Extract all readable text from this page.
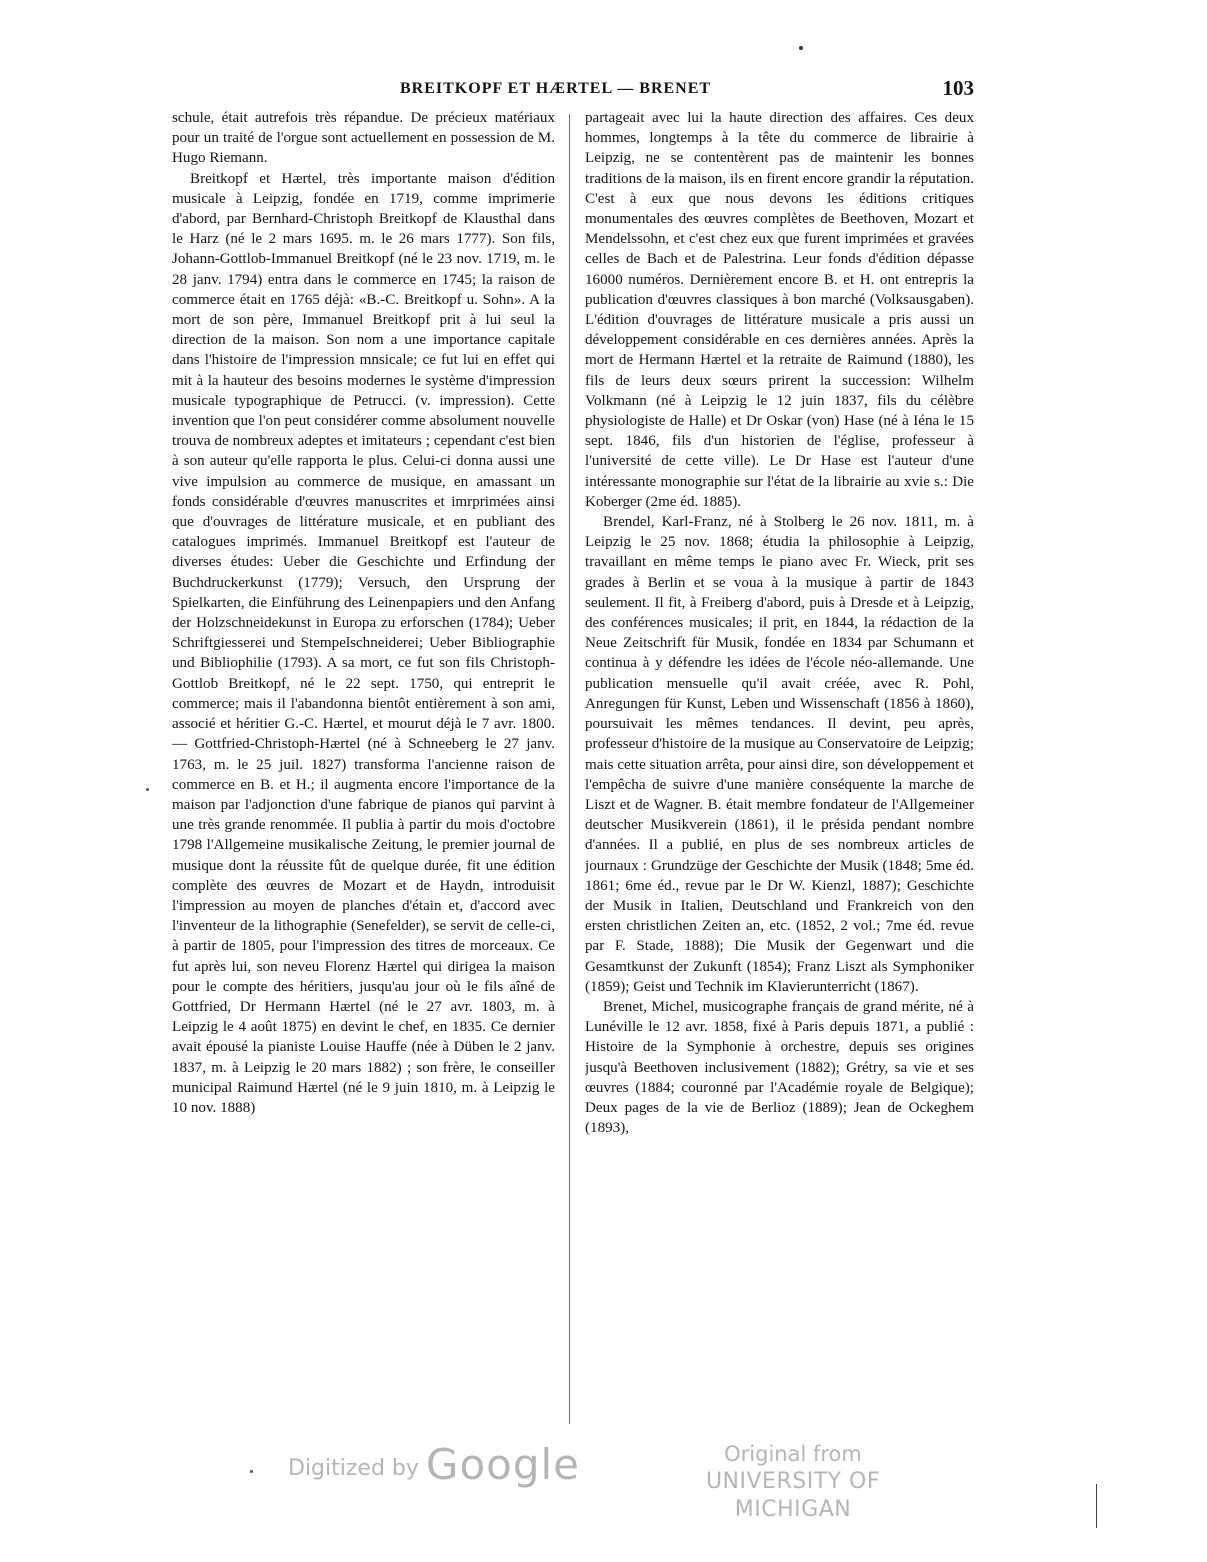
BREITKOPF ET HÆRTEL — BRENET	103

schule, était autrefois très répandue. De précieux matériaux pour un traité de l'orgue sont actuellement en possession de M. Hugo Riemann.

Breitkopf et Hærtel, très importante maison d'édition musicale à Leipzig, fondée en 1719, comme imprimerie d'abord, par Bernhard-Christoph Breitkopf de Klausthal dans le Harz (né le 2 mars 1695. m. le 26 mars 1777). Son fils, Johann-Gottlob-Immanuel Breitkopf (né le 23 nov. 1719, m. le 28 janv. 1794) entra dans le commerce en 1745; la raison de commerce était en 1765 déjà: «B.-C. Breitkopf u. Sohn». A la mort de son père, Immanuel Breitkopf prit à lui seul la direction de la maison. Son nom a une importance capitale dans l'histoire de l'impression mnsicale; ce fut lui en effet qui mit à la hauteur des besoins modernes le système d'impression musicale typographique de Petrucci. (v. impression). Cette invention que l'on peut considérer comme absolument nouvelle trouva de nombreux adeptes et imitateurs ; cependant c'est bien à son auteur qu'elle rapporta le plus. Celui-ci donna aussi une vive impulsion au commerce de musique, en amassant un fonds considérable d'œuvres manuscrites et imrprimées ainsi que d'ouvrages de littérature musicale, et en publiant des catalogues imprimés. Immanuel Breitkopf est l'auteur de diverses études: Ueber die Geschichte und Erfindung der Buchdruckerkunst (1779); Versuch, den Ursprung der Spielkarten, die Einführung des Leinenpapiers und den Anfang der Holzschneidekunst in Europa zu erforschen (1784); Ueber Schriftgiesserei und Stempelschneiderei; Ueber Bibliographie und Bibliophilie (1793). A sa mort, ce fut son fils Christoph-Gottlob Breitkopf, né le 22 sept. 1750, qui entreprit le commerce; mais il l'abandonna bientôt entièrement à son ami, associé et héritier G.-C. Hærtel, et mourut déjà le 7 avr. 1800. — Gottfried-Christoph-Hærtel (né à Schneeberg le 27 janv. 1763, m. le 25 juil. 1827) transforma l'ancienne raison de commerce en B. et H.; il augmenta encore l'importance de la maison par l'adjonction d'une fabrique de pianos qui parvint à une très grande renommée. Il publia à partir du mois d'octobre 1798 l'Allgemeine musikalische Zeitung, le premier journal de musique dont la réussite fût de quelque durée, fit une édition complète des œuvres de Mozart et de Haydn, introduisit l'impression au moyen de planches d'étain et, d'accord avec l'inventeur de la lithographie (Senefelder), se servit de celle-ci, à partir de 1805, pour l'impression des titres de morceaux. Ce fut après lui, son neveu Florenz Hærtel qui dirigea la maison pour le compte des héritiers, jusqu'au jour où le fils aîné de Gottfried, Dr Hermann Hærtel (né le 27 avr. 1803, m. à Leipzig le 4 août 1875) en devint le chef, en 1835. Ce dernier avait épousé la pianiste Louise Hauffe (née à Düben le 2 janv. 1837, m. à Leipzig le 20 mars 1882) ; son frère, le conseiller municipal Raimund Hærtel (né le 9 juin 1810, m. à Leipzig le 10 nov. 1888)

partageait avec lui la haute direction des affaires. Ces deux hommes, longtemps à la tête du commerce de librairie à Leipzig, ne se contentèrent pas de maintenir les bonnes traditions de la maison, ils en firent encore grandir la réputation. C'est à eux que nous devons les éditions critiques monumentales des œuvres complètes de Beethoven, Mozart et Mendelssohn, et c'est chez eux que furent imprimées et gravées celles de Bach et de Palestrina. Leur fonds d'édition dépasse 16000 numéros. Dernièrement encore B. et H. ont entrepris la publication d'œuvres classiques à bon marché (Volksausgaben). L'édition d'ouvrages de littérature musicale a pris aussi un développement considérable en ces dernières années. Après la mort de Hermann Hærtel et la retraite de Raimund (1880), les fils de leurs deux sœurs prirent la succession: Wilhelm Volkmann (né à Leipzig le 12 juin 1837, fils du célèbre physiologiste de Halle) et Dr Oskar (von) Hase (né à Iéna le 15 sept. 1846, fils d'un historien de l'église, professeur à l'université de cette ville). Le Dr Hase est l'auteur d'une intéressante monographie sur l'état de la librairie au xvie s.: Die Koberger (2me éd. 1885).

Brendel, Karl-Franz, né à Stolberg le 26 nov. 1811, m. à Leipzig le 25 nov. 1868; étudia la philosophie à Leipzig, travaillant en même temps le piano avec Fr. Wieck, prit ses grades à Berlin et se voua à la musique à partir de 1843 seulement. Il fit, à Freiberg d'abord, puis à Dresde et à Leipzig, des conférences musicales; il prit, en 1844, la rédaction de la Neue Zeitschrift für Musik, fondée en 1834 par Schumann et continua à y défendre les idées de l'école néo-allemande. Une publication mensuelle qu'il avait créée, avec R. Pohl, Anregungen für Kunst, Leben und Wissenschaft (1856 à 1860), poursuivait les mêmes tendances. Il devint, peu après, professeur d'histoire de la musique au Conservatoire de Leipzig; mais cette situation arrêta, pour ainsi dire, son développement et l'empêcha de suivre d'une manière conséquente la marche de Liszt et de Wagner. B. était membre fondateur de l'Allgemeiner deutscher Musikverein (1861), il le présida pendant nombre d'années. Il a publié, en plus de ses nombreux articles de journaux : Grundzüge der Geschichte der Musik (1848; 5me éd. 1861; 6me éd., revue par le Dr W. Kienzl, 1887); Geschichte der Musik in Italien, Deutschland und Frankreich von den ersten christlichen Zeiten an, etc. (1852, 2 vol.; 7me éd. revue par F. Stade, 1888); Die Musik der Gegenwart und die Gesamtkunst der Zukunft (1854); Franz Liszt als Symphoniker (1859); Geist und Technik im Klavierunterricht (1867).

Brenet, Michel, musicographe français de grand mérite, né à Lunéville le 12 avr. 1858, fixé à Paris depuis 1871, a publié : Histoire de la Symphonie à orchestre, depuis ses origines jusqu'à Beethoven inclusivement (1882); Grétry, sa vie et ses œuvres (1884; couronné par l'Académie royale de Belgique); Deux pages de la vie de Berlioz (1889); Jean de Ockeghem (1893),

Digitized by Google	Original from
UNIVERSITY OF MICHIGAN
